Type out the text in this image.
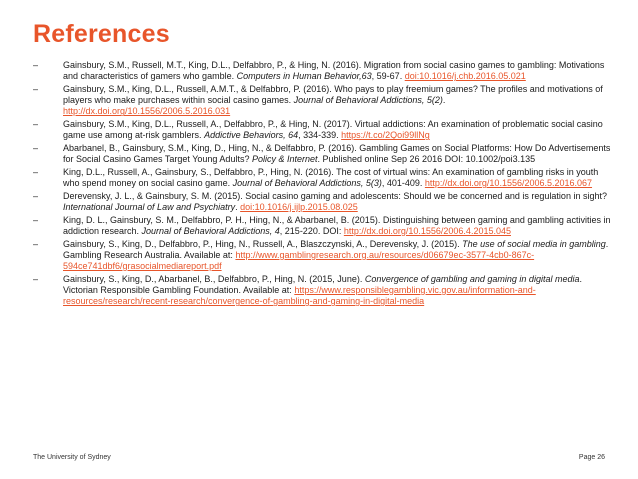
References
–	Gainsbury, S.M., Russell, M.T., King, D.L., Delfabbro, P., & Hing, N. (2016). Migration from social casino games to gambling: Motivations and characteristics of gamers who gamble. Computers in Human Behavior,63, 59-67. doi:10.1016/j.chb.2016.05.021
–	Gainsbury, S.M., King, D.L., Russell, A.M.T., & Delfabbro, P. (2016). Who pays to play freemium games? The profiles and motivations of players who make purchases within social casino games. Journal of Behavioral Addictions, 5(2). http://dx.doi.org/10.1556/2006.5.2016.031
–	Gainsbury, S.M., King, D.L., Russell, A., Delfabbro, P., & Hing, N. (2017). Virtual addictions: An examination of problematic social casino game use among at-risk gamblers. Addictive Behaviors, 64, 334-339. https://t.co/2Qoi99llNg
–	Abarbanel, B., Gainsbury, S.M., King, D., Hing, N., & Delfabbro, P. (2016). Gambling Games on Social Platforms: How Do Advertisements for Social Casino Games Target Young Adults? Policy & Internet. Published online Sep 26 2016 DOI: 10.1002/poi3.135
–	King, D.L., Russell, A., Gainsbury, S., Delfabbro, P., Hing, N. (2016). The cost of virtual wins: An examination of gambling risks in youth who spend money on social casino game. Journal of Behavioral Addictions, 5(3), 401-409. http://dx.doi.org/10.1556/2006.5.2016.067
–	Derevensky, J. L., & Gainsbury, S. M. (2015). Social casino gaming and adolescents: Should we be concerned and is regulation in sight? International Journal of Law and Psychiatry. doi:10.1016/j.ijlp.2015.08.025
–	King, D. L., Gainsbury, S. M., Delfabbro, P. H., Hing, N., & Abarbanel, B. (2015). Distinguishing between gaming and gambling activities in addiction research. Journal of Behavioral Addictions, 4, 215-220. DOI: http://dx.doi.org/10.1556/2006.4.2015.045
–	Gainsbury, S., King, D., Delfabbro, P., Hing, N., Russell, A., Blaszczynski, A., Derevensky, J. (2015). The use of social media in gambling. Gambling Research Australia. Available at: http://www.gamblingresearch.org.au/resources/d06679ec-3577-4cb0-867c-594ce741dbf6/grasocialmediareport.pdf
–	Gainsbury, S., King, D., Abarbanel, B., Delfabbro, P., Hing, N. (2015, June). Convergence of gambling and gaming in digital media. Victorian Responsible Gambling Foundation. Available at: https://www.responsiblegambling.vic.gov.au/information-and-resources/research/recent-research/convergence-of-gambling-and-gaming-in-digital-media
The University of Sydney	Page 26
